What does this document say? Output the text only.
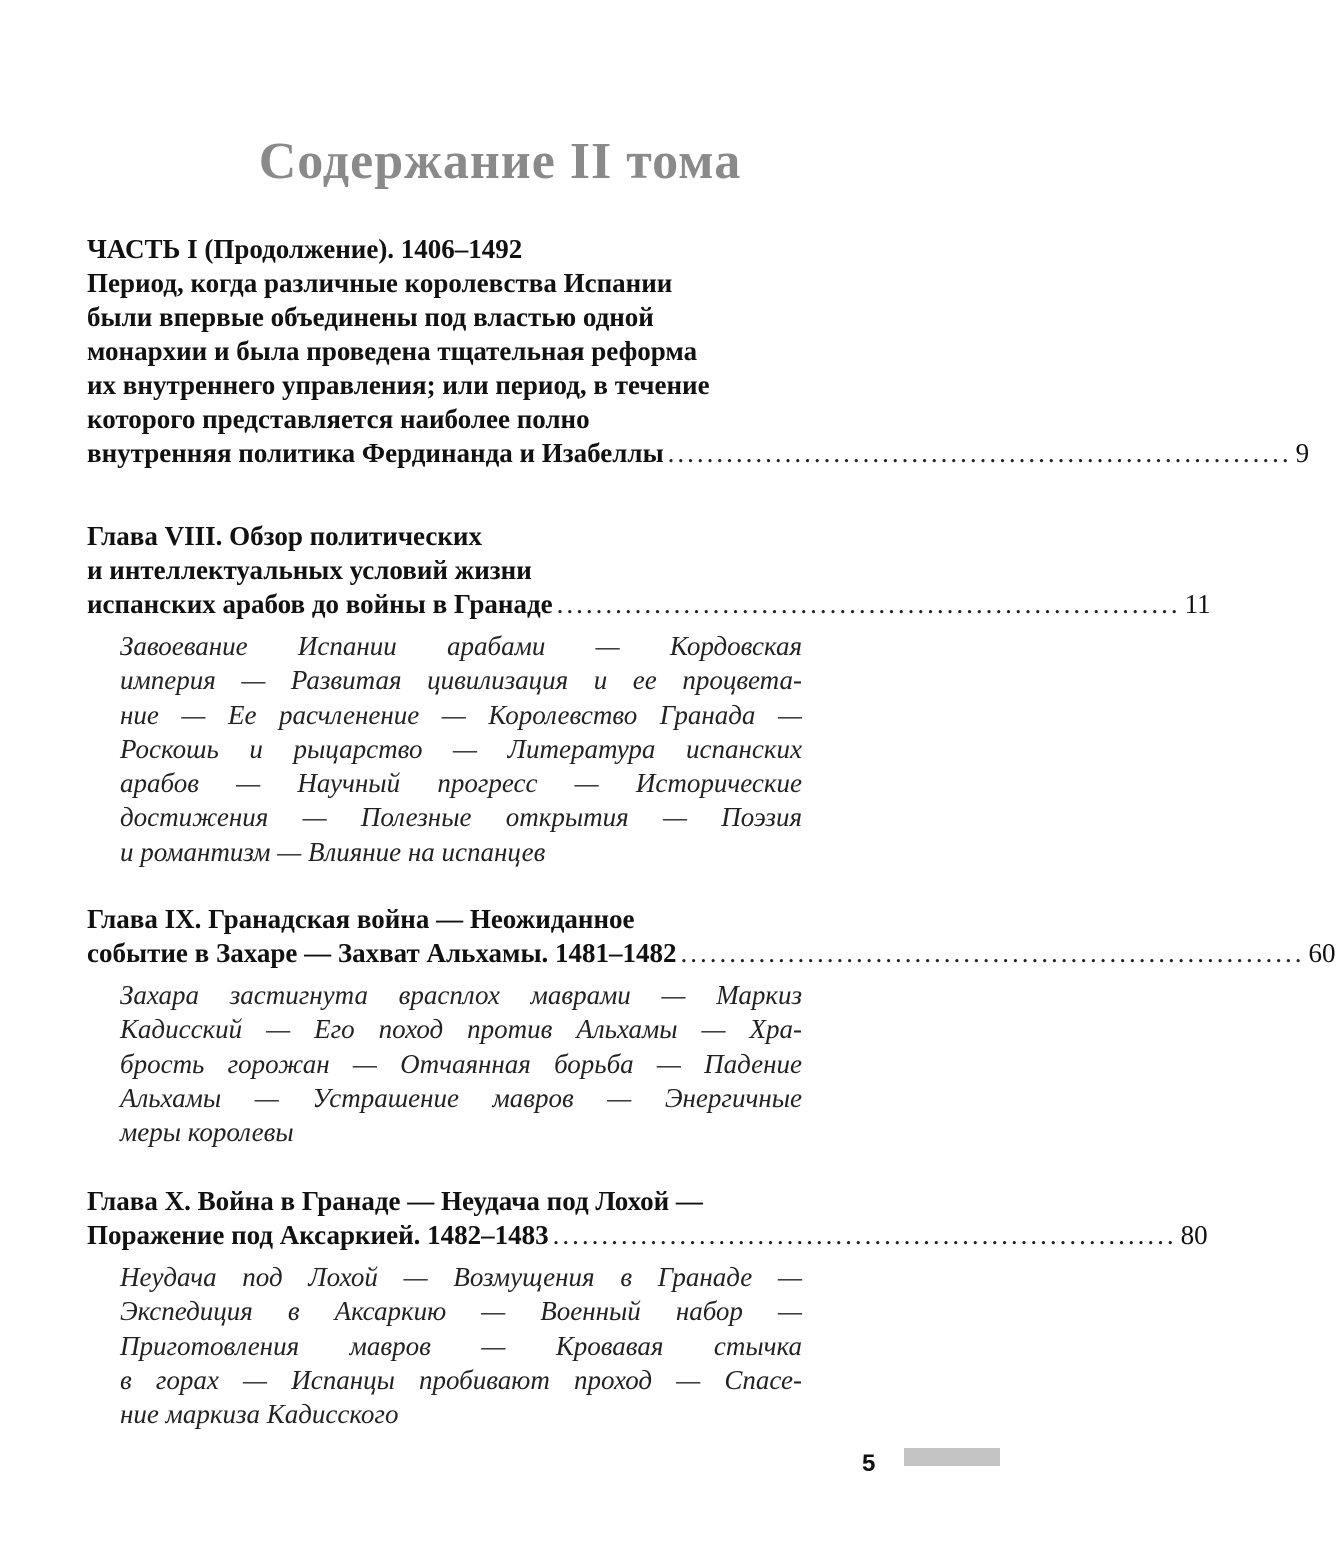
Содержание II тома
ЧАСТЬ I (Продолжение). 1406–1492
Период, когда различные королевства Испании
были впервые объединены под властью одной
монархии и была проведена тщательная реформа
их внутреннего управления; или период, в течение
которого представляется наиболее полно
внутренняя политика Фердинанда и Изабеллы ................................................................ 9
Глава VIII. Обзор политических
и интеллектуальных условий жизни
испанских арабов до войны в Гранаде ................................................................ 11
Завоевание Испании арабами — Кордовская
империя — Развитая цивилизация и ее процвета-
ние — Ее расчленение — Королевство Гранада —
Роскошь и рыцарство — Литература испанских
арабов — Научный прогресс — Исторические
достижения — Полезные открытия — Поэзия
и романтизм — Влияние на испанцев
Глава IX. Гранадская война — Неожиданное
событие в Захаре — Захват Альхамы. 1481–1482 ................................................................ 60
Захара застигнута врасплох маврами — Маркиз
Кадисский — Его поход против Альхамы — Хра-
брость горожан — Отчаянная борьба — Падение
Альхамы — Устрашение мавров — Энергичные
меры королевы
Глава X. Война в Гранаде — Неудача под Лохой —
Поражение под Аксаркией. 1482–1483 ................................................................ 80
Неудача под Лохой — Возмущения в Гранаде —
Экспедиция в Аксаркию — Военный набор —
Приготовления мавров — Кровавая стычка
в горах — Испанцы пробивают проход — Спасе-
ние маркиза Кадисского
5
